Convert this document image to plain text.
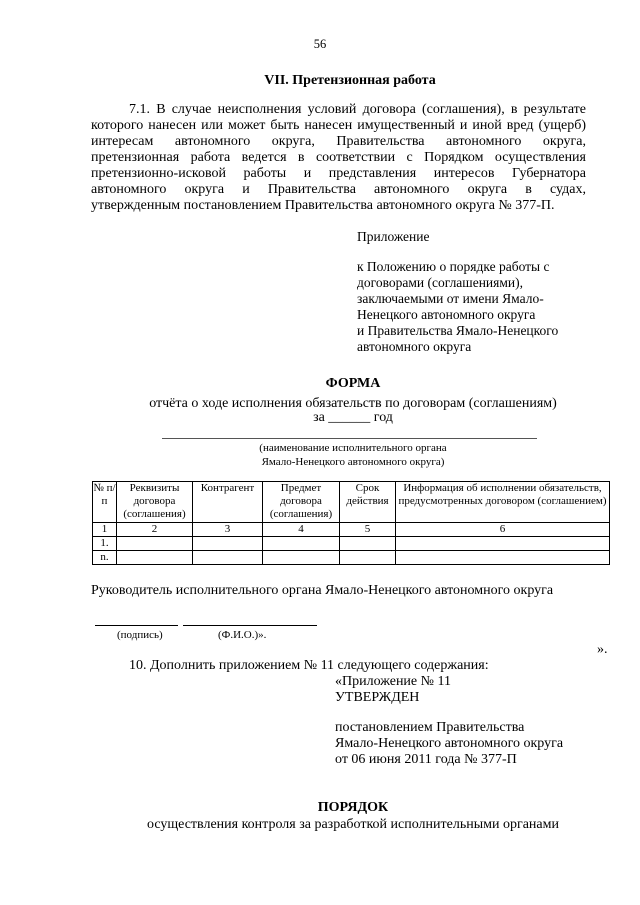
56
VII. Претензионная работа
7.1. В случае неисполнения условий договора (соглашения), в результате
которого нанесен или может быть нанесен имущественный и иной вред (ущерб)
интересам автономного округа, Правительства автономного округа,
претензионная работа ведется в соответствии с Порядком осуществления
претензионно-исковой работы и представления интересов Губернатора
автономного округа и Правительства автономного округа в судах,
утвержденным постановлением Правительства автономного округа № 377-П.
Приложение
к Положению о порядке работы с
договорами (соглашениями),
заключаемыми от имени Ямало-
Ненецкого автономного округа
и Правительства Ямало-Ненецкого
автономного округа
ФОРМА
отчёта о ходе исполнения обязательств по договорам (соглашениям)
за ______ год
(наименование исполнительного органа
Ямало-Ненецкого автономного округа)
№ п/п	Реквизиты договора (соглашения)	Контрагент	Предмет договора (соглашения)	Срок действия	Информация об исполнении обязательств, предусмотренных договором (соглашением)
1	2	3	4	5	6
1.					
n.					
Руководитель исполнительного органа Ямало-Ненецкого автономного округа
(подпись)	(Ф.И.О.)».
».
10. Дополнить приложением № 11 следующего содержания:
«Приложение № 11
УТВЕРЖДЕН
постановлением Правительства
Ямало-Ненецкого автономного округа
от 06 июня 2011 года № 377-П
ПОРЯДОК
осуществления контроля за разработкой исполнительными органами
